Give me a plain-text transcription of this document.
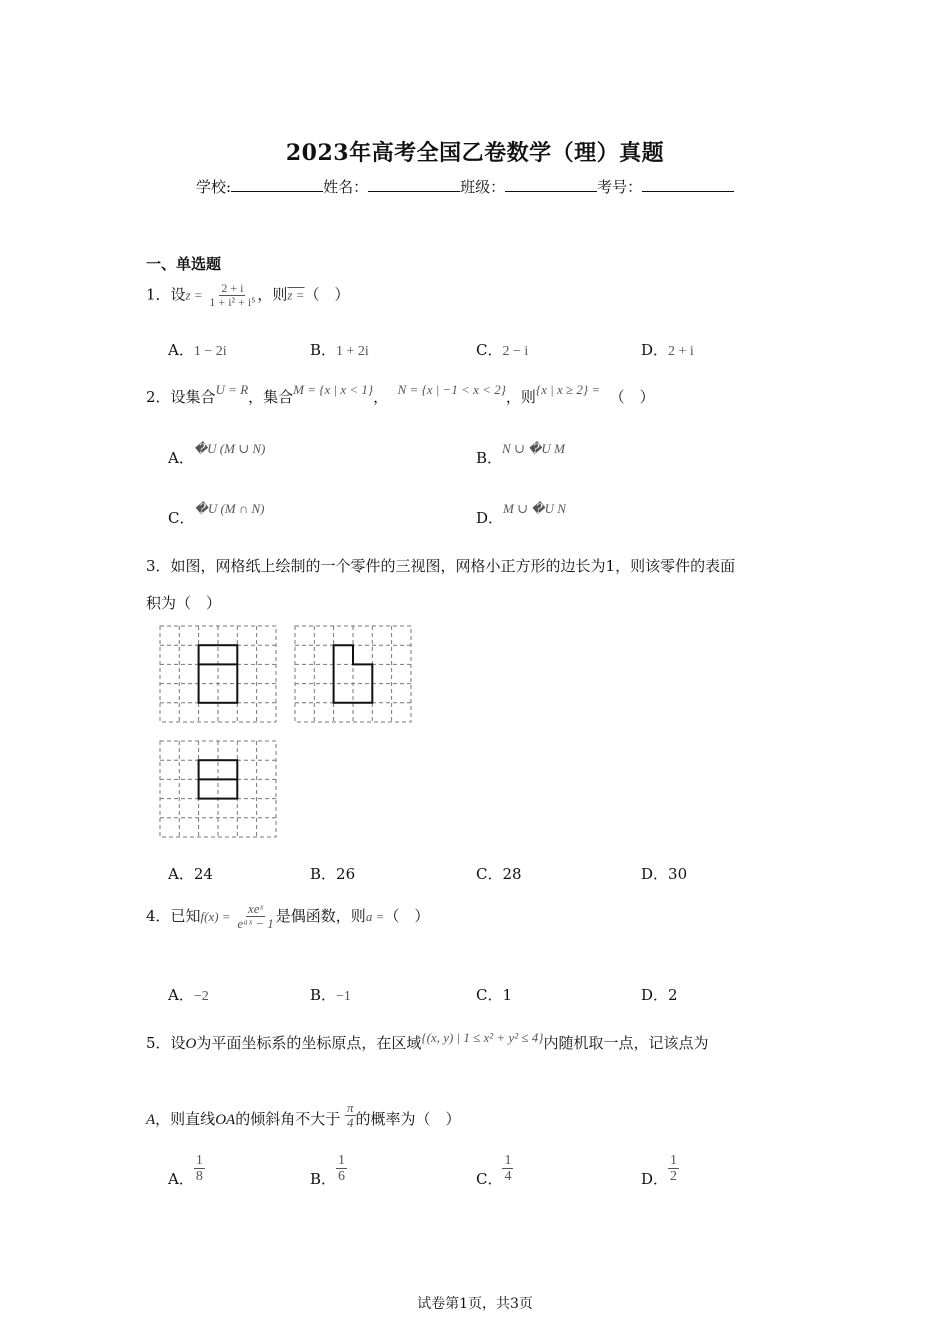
2023年高考全国乙卷数学（理）真题
学校:	姓名：	班级：	考号：
一、单选题
1．设$z = \frac{2 + i}{\text{1 + i² + i⁵}}$ ，则z =（　）
A．1 − 2i	B．1 + 2i	C．2 − i	D．2 + i
2．设集合U = R，集合M = {x | x < 1}， N = {x | −1 < x < 2}，则{x | x ≥ 2} = （　）
A．�U (M ∪ N)
B．N ∪ �U M
C．�U (M ∩ N)
D．M ∪ �U N
3．如图，网格纸上绘制的一个零件的三视图，网格小正方形的边长为1，则该零件的表面
积为（　）
A．24	B．26	C．28	D．30
4．已知$f(x) = \frac{\text{xeˣ}}{\text{eᵃˣ − 1}}$ 是偶函数，则a =（　）
A．−2	B．−1	C．1	D．2
5．设O为平面坐标系的坐标原点，在区域{(x, y) | 1 ≤ x² + y² ≤ 4}内随机取一点，记该点为
A，则直线OA的倾斜角不大于 $\frac{\pi}{4}$ 的概率为（　）
A． $\frac{1}{8}$	B． $\frac{1}{6}$	C． $\frac{1}{4}$	D． $\frac{1}{2}$
试卷第1页，共3页
